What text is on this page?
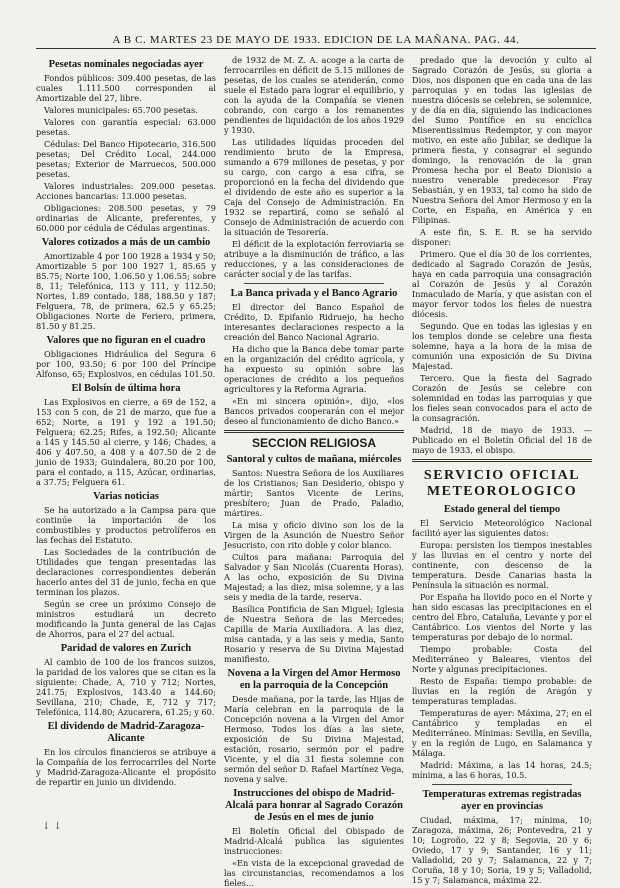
A B C. MARTES 23 DE MAYO DE 1933. EDICION DE LA MAÑANA. PAG. 44.
Pesetas nominales negociadas ayer

Fondos públicos: 309.400 pesetas, de las cuales 1.111.500 corresponden al Amortizable del 27, libre.

Valores municipales: 65.700 pesetas.

Valores con garantía especial: 63.000 pesetas.

Cédulas: Del Banco Hipotecario, 316.500 pesetas; Del Crédito Local, 244.000 pesetas; Exterior de Marruecos, 500.000 pesetas.

Valores industriales: 209.000 pesetas. Acciones bancarias: 13.000 pesetas.

Obligaciones: 208.500 pesetas, y 79 ordinarias de Alicante, preferentes, y 60.000 por cédula de Cédulas argentinas.

Valores cotizados a más de un cambio

Amortizable 4 por 100 1928 a 1934 y 50; Amortizable 5 por 100 1927 1, 85.65 y 85.75; Norte 100, 1.06.50 y 1.06.55; sobre 8, 11; Telefónica, 113 y 111, y 112.50; Nortes, 1.89 contado, 188, 188.50 y 187; Felguera, 78, de primera, 62.5 y 65.25; Obligaciones Norte de Feriero, primera, 81.50 y 81.25.

Valores que no figuran en el cuadro

Obligaciones Hidráulica del Segura 6 por 100, 93.50; 6 por 100 del Príncipe Alfonso, 65; Explosivos, en cédulas 101.50.

El Bolsín de última hora

Las Explosivos en cierre, a 69 de 152, a 153 con 5 con, de 21 de marzo, que fue a 652; Norte, a 191 y 192 a 191.50; Felguera; 62.25; Rifes, a 192.50; Alicante a 145 y 145.50 al cierre, y 146; Chades, a 406 y 407.50, a 408 y a 407.50 de 2 de junio de 1933; Guindalera, 80.20 por 100, para el contado, a 115, Azúcar, ordinarias, a 37.75; Felguera 61.

Varias noticias

Se ha autorizado a la Campsa para que continúe la importación de los combustibles y productos petrolíferos en las fechas del Estatuto.

Las Sociedades de la contribución de Utilidades que tengan presentadas las declaraciones correspondientes deberán hacerlo antes del 31 de junio, fecha en que terminan los plazos.

Según se cree un próximo Consejo de ministros estudiará un decreto modificando la Junta general de las Cajas de Ahorros, para el 27 del actual.

Paridad de valores en Zurich

Al cambio de 100 de los francos suizos, la paridad de los valores que se citan es la siguiente: Chade, A, 710 y 712; Nortes, 241.75; Explosivos, 143.40 a 144.60; Sevillana, 210; Chade, E, 712 y 717; Telefónica, 114.80; Azucarera, 61.25; y 60.

El dividendo de Madrid-Zaragoza-Alicante

En los círculos financieros se atribuye a la Compañía de los ferrocarriles del Norte y Madrid-Zaragoza-Alicante el propósito de repartir en junio un dividendo.

de 1932 de M. Z. A. acoge a la carta de ferrocarriles en déficit de 5.15 millones de pesetas, de los cuales se atenderán, como suele el Estado para lograr el equilibrio, y con la ayuda de la Compañía se vienen cobrando, con cargo a los remanentes pendientes de liquidación de los años 1929 y 1930.

Las utilidades líquidas proceden del rendimiento bruto de la Empresa, sumando a 679 millones de pesetas, y por su cargo, con cargo a esa cifra, se proporcionó en la fecha del dividendo que el dividendo de este año es superior a la Caja del Consejo de Administración. En 1932 se repartirá, como se señaló al Consejo de Administración de acuerdo con la situación de Tesorería.

El déficit de la explotación ferroviaria se atribuye a la disminución de tráfico, a las reducciones, y a las consideraciones de carácter social y de las tarifas.

La Banca privada y el Banco Agrario

El director del Banco Español de Crédito, D. Epifanio Ridruejo, ha hecho interesantes declaraciones respecto a la creación del Banco Nacional Agrario.

Ha dicho que la Banca debe tomar parte en la organización del crédito agrícola, y ha expuesto su opinión sobre las operaciones de crédito a los pequeños agricultores y la Reforma Agraria.

«En mi sincera opinión», dijo, «los Bancos privados cooperarán con el mejor deseo al funcionamiento de dicho Banco.»

SECCION RELIGIOSA
Santoral y cultos de mañana, miércoles

Santos: Nuestra Señora de los Auxiliares de los Cristianos; San Desiderio, obispo y mártir; Santos Vicente de Lerins, presbítero; Juan de Prado, Paladio, mártires.

La misa y oficio divino son los de la Virgen de la Asunción de Nuestro Señor Jesucristo, con rito doble y color blanco.

Cultos para mañana: Parroquia del Salvador y San Nicolás (Cuarenta Horas). A las ocho, exposición de Su Divina Majestad; a las diez, misa solemne, y a las seis y media de la tarde, reserva.

Basílica Pontificia de San Miguel; Iglesia de Nuestra Señora de las Mercedes; Capilla de María Auxiliadora. A las diez, misa cantada, y a las seis y media, Santo Rosario y reserva de Su Divina Majestad manifiesto.

Novena a la Virgen del Amor Hermoso en la parroquia de la Concepción

Desde mañana, por la tarde, las Hijas de María celebran en la parroquia de la Concepción novena a la Virgen del Amor Hermoso. Todos los días a las siete, exposición de Su Divina Majestad, estación, rosario, sermón por el padre Vicente, y el día 31 fiesta solemne con sermón del señor D. Rafael Martínez Vega, novena y salve.

Instrucciones del obispo de Madrid-Alcalá para honrar al Sagrado Corazón de Jesús en el mes de junio

El Boletín Oficial del Obispado de Madrid-Alcalá publica las siguientes instrucciones:

«En vista de la excepcional gravedad de las circunstancias, recomendamos a los fieles...

predado que la devoción y culto al Sagrado Corazón de Jesús, su gloria a Dios, nos disponen que en cada una de las parroquias y en todas las iglesias de nuestra diócesis se celebren, se solemnice, y de día en día, siguiendo las indicaciones del Sumo Pontífice en su encíclica Miserentissimus Redemptor, y con mayor motivo, en este año Jubilar, se dedique la primera fiesta, y consagrar el segundo domingo, la renovación de la gran Promesa hecha por el Beato Dionisio a nuestro venerable predecesor Fray Sebastián, y en 1933, tal como ha sido de Nuestra Señora del Amor Hermoso y en la Corte, en España, en América y en Filipinas.

A este fin, S. E. R. se ha servido disponer:

Primero. Que el día 30 de los corrientes, dedicado al Sagrado Corazón de Jesús, haya en cada parroquia una consagración al Corazón de Jesús y al Corazón Inmaculado de María, y que asistan con el mayor fervor todos los fieles de nuestra diócesis.

Segundo. Que en todas las iglesias y en los templos donde se celebre una fiesta solemne, haya a la hora de la misa de comunión una exposición de Su Divina Majestad.

Tercero. Que la fiesta del Sagrado Corazón de Jesús se celebre con solemnidad en todas las parroquias y que los fieles sean convocados para el acto de la consagración.

Madrid, 18 de mayo de 1933. — Publicado en el Boletín Oficial del 18 de mayo de 1933, el obispo.

SERVICIO OFICIAL METEOROLOGICO
Estado general del tiempo

El Servicio Meteorológico Nacional facilitó ayer las siguientes datos:

Europa: persisten los tiempos inestables y las lluvias en el centro y norte del continente, con descenso de la temperatura. Desde Canarias hasta la Península la situación es normal.

Por España ha llovido poco en el Norte y han sido escasas las precipitaciones en el centro del Ebro, Cataluña, Levante y por el Cantábrico. Los vientos del Norte y las temperaturas por debajo de lo normal.

Tiempo probable: Costa del Mediterráneo y Baleares, vientos del Norte y algunas precipitaciones.

Resto de España: tiempo probable: de lluvias en la región de Aragón y temperaturas templadas.

Temperaturas de ayer: Máxima, 27; en el Cantábrico y templadas en el Mediterráneo. Mínimas: Sevilla, en Sevilla, y en la región de Lugo, en Salamanca y Málaga.

Madrid: Máxima, a las 14 horas, 24.5; mínima, a las 6 horas, 10.5.

Temperaturas extremas registradas ayer en provincias

Ciudad, máxima, 17; mínima, 10; Zaragoza, máxima, 26; Pontevedra, 21 y 10; Logroño, 22 y 8; Segovia, 20 y 6; Oviedo, 17 y 9; Santander, 16 y 11; Valladolid, 20 y 7; Salamanca, 22 y 7; Coruña, 18 y 10; Soria, 19 y 5; Valladolid, 15 y 7; Salamanca, máxima 22.

↓ ↓
